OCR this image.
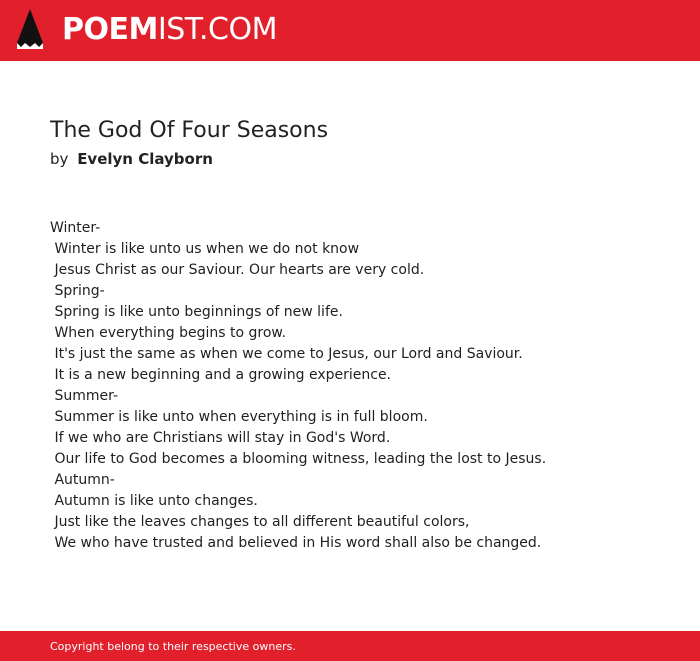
POEMIST.COM
The God Of Four Seasons
by Evelyn Clayborn
Winter-
Winter is like unto us when we do not know
Jesus Christ as our Saviour. Our hearts are very cold.
Spring-
Spring is like unto beginnings of new life.
When everything begins to grow.
It's just the same as when we come to Jesus, our Lord and Saviour.
It is a new beginning and a growing experience.
Summer-
Summer is like unto when everything is in full bloom.
If we who are Christians will stay in God's Word.
Our life to God becomes a blooming witness, leading the lost to Jesus.
Autumn-
Autumn is like unto changes.
Just like the leaves changes to all different beautiful colors,
We who have trusted and believed in His word shall also be changed.
Copyright belong to their respective owners.
